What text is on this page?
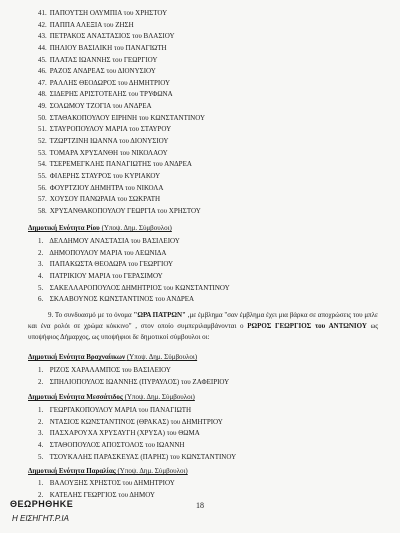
41. ΠΑΠΟΥΤΣΗ ΟΛΥΜΠΙΑ του ΧΡΗΣΤΟΥ
42. ΠΑΠΠΑ ΑΛΕΞΙΑ του ΖΗΣΗ
43. ΠΕΤΡΑΚΟΣ ΑΝΑΣΤΑΣΙΟΣ του ΒΛΑΣΙΟΥ
44. ΠΗΛΙΟΥ ΒΑΣΙΛΙΚΗ του ΠΑΝΑΓΙΩΤΗ
45. ΠΛΑΤΑΣ ΙΩΑΝΝΗΣ του ΓΕΩΡΓΙΟΥ
46. ΡΑΖΟΣ ΑΝΔΡΕΑΣ του ΔΙΟΝΥΣΙΟΥ
47. ΡΑΛΛΗΣ ΘΕΟΔΩΡΟΣ του ΔΗΜΗΤΡΙΟΥ
48. ΣΙΔΕΡΗΣ ΑΡΙΣΤΟΤΕΛΗΣ του ΤΡΥΦΩΝΑ
49. ΣΟΛΩΜΟΥ ΤΖΟΓΙΑ του ΑΝΔΡΕΑ
50. ΣΤΑΘΑΚΟΠΟΥΛΟΥ ΕΙΡΗΝΗ του ΚΩΝΣΤΑΝΤΙΝΟΥ
51. ΣΤΑΥΡΟΠΟΥΛΟΥ ΜΑΡΙΑ του ΣΤΑΥΡΟΥ
52. ΤΖΩΡΤΖΙΝΗ ΙΩΑΝΝΑ του ΔΙΟΝΥΣΙΟΥ
53. ΤΟΜΑΡΑ ΧΡΥΣΑΝΘΗ του ΝΙΚΟΛΑΟΥ
54. ΤΣΕΡΕΜΕΓΚΛΗΣ ΠΑΝΑΓΙΩΤΗΣ του ΑΝΔΡΕΑ
55. ΦΙΛΕΡΗΣ ΣΤΑΥΡΟΣ του ΚΥΡΙΑΚΟΥ
56. ΦΟΥΡΤΖΙΟΥ ΔΗΜΗΤΡΑ του ΝΙΚΟΛΑ
57. ΧΟΥΣΟΥ ΠΑΝΩΡΑΙΑ του ΣΩΚΡΑΤΗ
58. ΧΡΥΣΑΝΘΑΚΟΠΟΥΛΟΥ ΓΕΩΡΓΙΑ του ΧΡΗΣΤΟΥ
Δημοτική Ενότητα Ρίου (Υποψ. Δημ. Σύμβουλοι)
1. ΔΕΛΔΗΜΟΥ ΑΝΑΣΤΑΣΙΑ του ΒΑΣΙΛΕΙΟΥ
2. ΔΗΜΟΠΟΥΛΟΥ ΜΑΡΙΑ του ΛΕΩΝΙΔΑ
3. ΠΑΠΑΚΩΣΤΑ ΘΕΟΔΩΡΑ του ΓΕΩΡΓΙΟΥ
4. ΠΑΤΡΙΚΙΟΥ ΜΑΡΙΑ του ΓΕΡΑΣΙΜΟΥ
5. ΣΑΚΕΛΛΑΡΟΠΟΥΛΟΣ ΔΗΜΗΤΡΙΟΣ του ΚΩΝΣΤΑΝΤΙΝΟΥ
6. ΣΚΛΑΒΟΥΝΟΣ ΚΩΝΣΤΑΝΤΙΝΟΣ του ΑΝΔΡΕΑ
9. Το συνδυασμό με το όνομα "ΩΡΑ ΠΑΤΡΩΝ" ,με έμβλημα "σαν έμβλημα έχει μια βάρκα σε αποχρώσεις του μπλε και ένα ρολόι σε χρώμα κόκκινο" , στον οποίο συμπεριλαμβάνονται ο ΡΩΡΟΣ ΓΕΩΡΓΙΟΣ του ΑΝΤΩΝΙΟΥ ως υποψήφιος Δήμαρχος, ως υποψήφιοι δε δημοτικοί σύμβουλοι οι:
Δημοτική Ενότητα Βραχναίικων (Υποψ. Δημ. Σύμβουλοι)
1. ΡΙΖΟΣ ΧΑΡΑΛΑΜΠΟΣ του ΒΑΣΙΛΕΙΟΥ
2. ΣΠΗΛΙΟΠΟΥΛΟΣ ΙΩΑΝΝΗΣ (ΠΥΡΑΥΛΟΣ) του ΖΑΦΕΙΡΙΟΥ
Δημοτική Ενότητα Μεσσάτιδος (Υποψ. Δημ. Σύμβουλοι)
1. ΓΕΩΡΓΑΚΟΠΟΥΛΟΥ ΜΑΡΙΑ του ΠΑΝΑΓΙΩΤΗ
2. ΝΤΑΣΙΟΣ ΚΩΝΣΤΑΝΤΙΝΟΣ (ΘΡΑΚΑΣ) του ΔΗΜΗΤΡΙΟΥ
3. ΠΑΣΧΑΡΟΥΧΑ ΧΡΥΣΑΥΓΗ (ΧΡΥΣΑ) του ΘΩΜΑ
4. ΣΤΑΘΟΠΟΥΛΟΣ ΑΠΟΣΤΟΛΟΣ του ΙΩΑΝΝΗ
5. ΤΣΟΥΚΑΛΗΣ ΠΑΡΑΣΚΕΥΑΣ (ΠΑΡΗΣ) του ΚΩΝΣΤΑΝΤΙΝΟΥ
Δημοτική Ενότητα Παραλίας (Υποψ. Δημ. Σύμβουλοι)
1. ΒΑΛΟΥΞΗΣ ΧΡΗΣΤΟΣ του ΔΗΜΗΤΡΙΟΥ
2. ΚΑΤΕΛΗΣ ΓΕΩΡΓΙΟΣ του ΔΗΜΟΥ
18
ΘΕΩΡΗΘΗΚΕ
Η ΕΙΣΗΓΗΤ.Ρ.ΙΑ
